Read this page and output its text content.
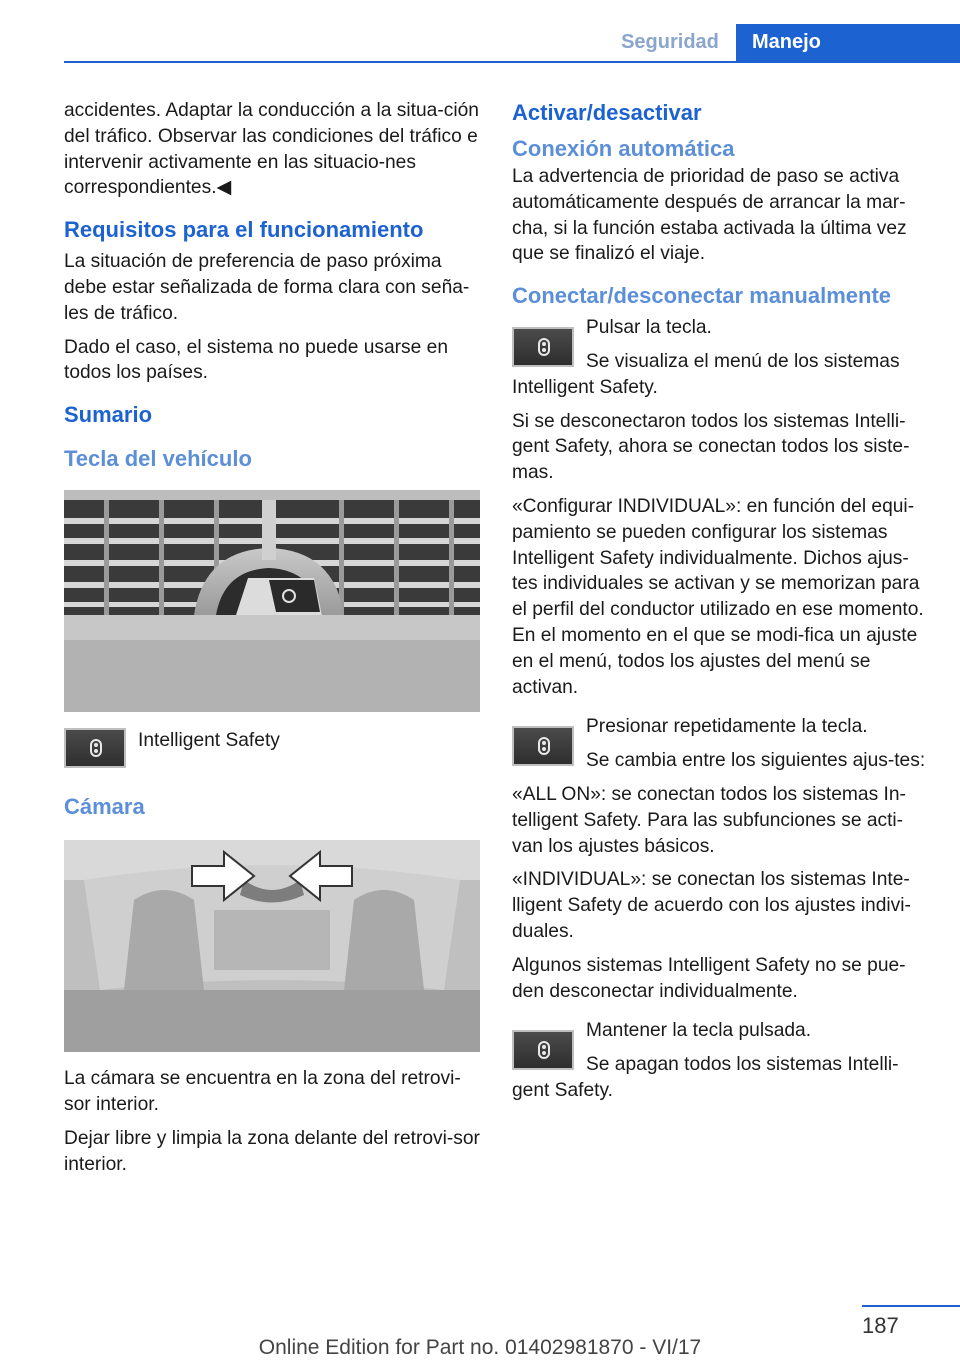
Seguridad	Manejo

accidentes. Adaptar la conducción a la situa‐ción del tráfico. Observar las condiciones del tráfico e intervenir activamente en las situacio‐nes correspondientes.◀

Requisitos para el funcionamiento

La situación de preferencia de paso próxima debe estar señalizada de forma clara con seña‐les de tráfico.

Dado el caso, el sistema no puede usarse en todos los países.

Sumario
Tecla del vehículo

Intelligent Safety

Cámara

La cámara se encuentra en la zona del retrovi‐sor interior.

Dejar libre y limpia la zona delante del retrovi‐sor interior.

Activar/desactivar
Conexión automática

La advertencia de prioridad de paso se activa automáticamente después de arrancar la mar‐cha, si la función estaba activada la última vez que se finalizó el viaje.

Conectar/desconectar manualmente

Pulsar la tecla.

Se visualiza el menú de los sistemas Intelligent Safety.

Si se desconectaron todos los sistemas Intelli‐gent Safety, ahora se conectan todos los siste‐mas.

«Configurar INDIVIDUAL»: en función del equi‐pamiento se pueden configurar los sistemas Intelligent Safety individualmente. Dichos ajus‐tes individuales se activan y se memorizan para el perfil del conductor utilizado en ese momento. En el momento en el que se modi‐fica un ajuste en el menú, todos los ajustes del menú se activan.

Presionar repetidamente la tecla.

Se cambia entre los siguientes ajus‐tes:

«ALL ON»: se conectan todos los sistemas In‐telligent Safety. Para las subfunciones se acti‐van los ajustes básicos.

«INDIVIDUAL»: se conectan los sistemas Inte‐lligent Safety de acuerdo con los ajustes indivi‐duales.

Algunos sistemas Intelligent Safety no se pue‐den desconectar individualmente.

Mantener la tecla pulsada.

Se apagan todos los sistemas Intelli‐gent Safety.

187
Online Edition for Part no. 01402981870 - VI/17
